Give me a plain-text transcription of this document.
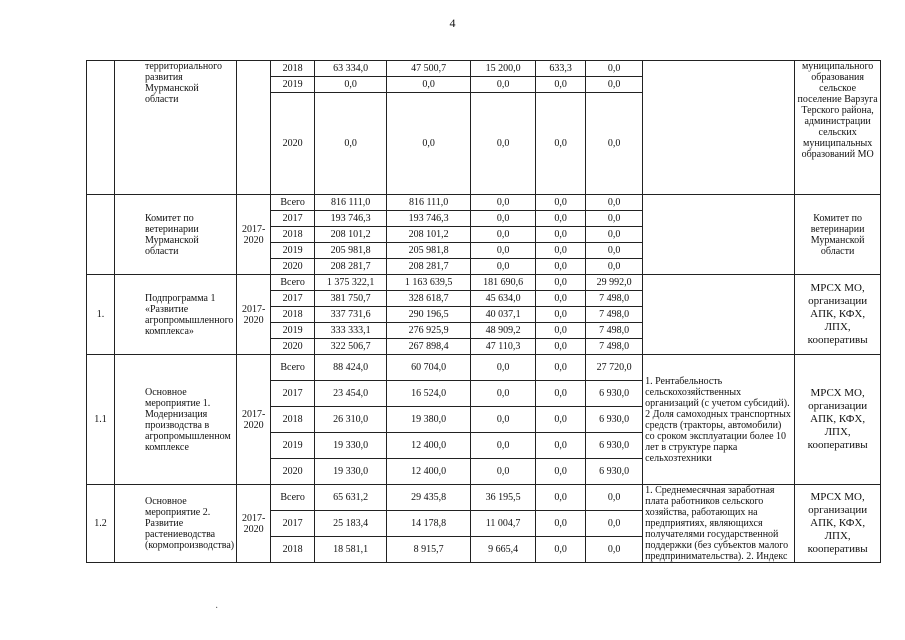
4
	территориального развития Мурманской области		2018	63 334,0	47 500,7	15 200,0	633,3	0,0		муниципального образования сельское поселение Варзуга Терского района, администрации сельских муниципальных образований МО
			2019	0,0	0,0	0,0	0,0	0,0		
			2020	0,0	0,0	0,0	0,0	0,0		
	Комитет по ветеринарии Мурманской области	2017-2020	Всего	816 111,0	816 111,0	0,0	0,0	0,0		Комитет по ветеринарии Мурманской области
			2017	193 746,3	193 746,3	0,0	0,0	0,0		
			2018	208 101,2	208 101,2	0,0	0,0	0,0		
			2019	205 981,8	205 981,8	0,0	0,0	0,0		
			2020	208 281,7	208 281,7	0,0	0,0	0,0		
1.	Подпрограмма 1 «Развитие агропромышленного комплекса»	2017-2020	Всего	1 375 322,1	1 163 639,5	181 690,6	0,0	29 992,0		МРСХ МО, организации АПК, КФХ, ЛПХ, кооперативы
			2017	381 750,7	328 618,7	45 634,0	0,0	7 498,0		
			2018	337 731,6	290 196,5	40 037,1	0,0	7 498,0		
			2019	333 333,1	276 925,9	48 909,2	0,0	7 498,0		
			2020	322 506,7	267 898,4	47 110,3	0,0	7 498,0		
1.1	Основное мероприятие 1. Модернизация производства в агропромышленном комплексе	2017-2020	Всего	88 424,0	60 704,0	0,0	0,0	27 720,0	1. Рентабельность сельскохозяйственных организаций (с учетом субсидий). 2 Доля самоходных транспортных средств (тракторы, автомобили) со сроком эксплуатации более 10 лет в структуре парка сельхозтехники	МРСХ МО, организации АПК, КФХ, ЛПХ, кооперативы
			2017	23 454,0	16 524,0	0,0	0,0	6 930,0		
			2018	26 310,0	19 380,0	0,0	0,0	6 930,0		
			2019	19 330,0	12 400,0	0,0	0,0	6 930,0		
			2020	19 330,0	12 400,0	0,0	0,0	6 930,0		
1.2	Основное мероприятие 2. Развитие растениеводства (кормопроизводства)	2017-2020	Всего	65 631,2	29 435,8	36 195,5	0,0	0,0	1. Среднемесячная заработная плата работников сельского хозяйства, работающих на предприятиях, являющихся получателями государственной поддержки (без субъектов малого предпринимательства). 2. Индекс	МРСХ МО, организации АПК, КФХ, ЛПХ, кооперативы
			2017	25 183,4	14 178,8	11 004,7	0,0	0,0		
			2018	18 581,1	8 915,7	9 665,4	0,0	0,0		
·
